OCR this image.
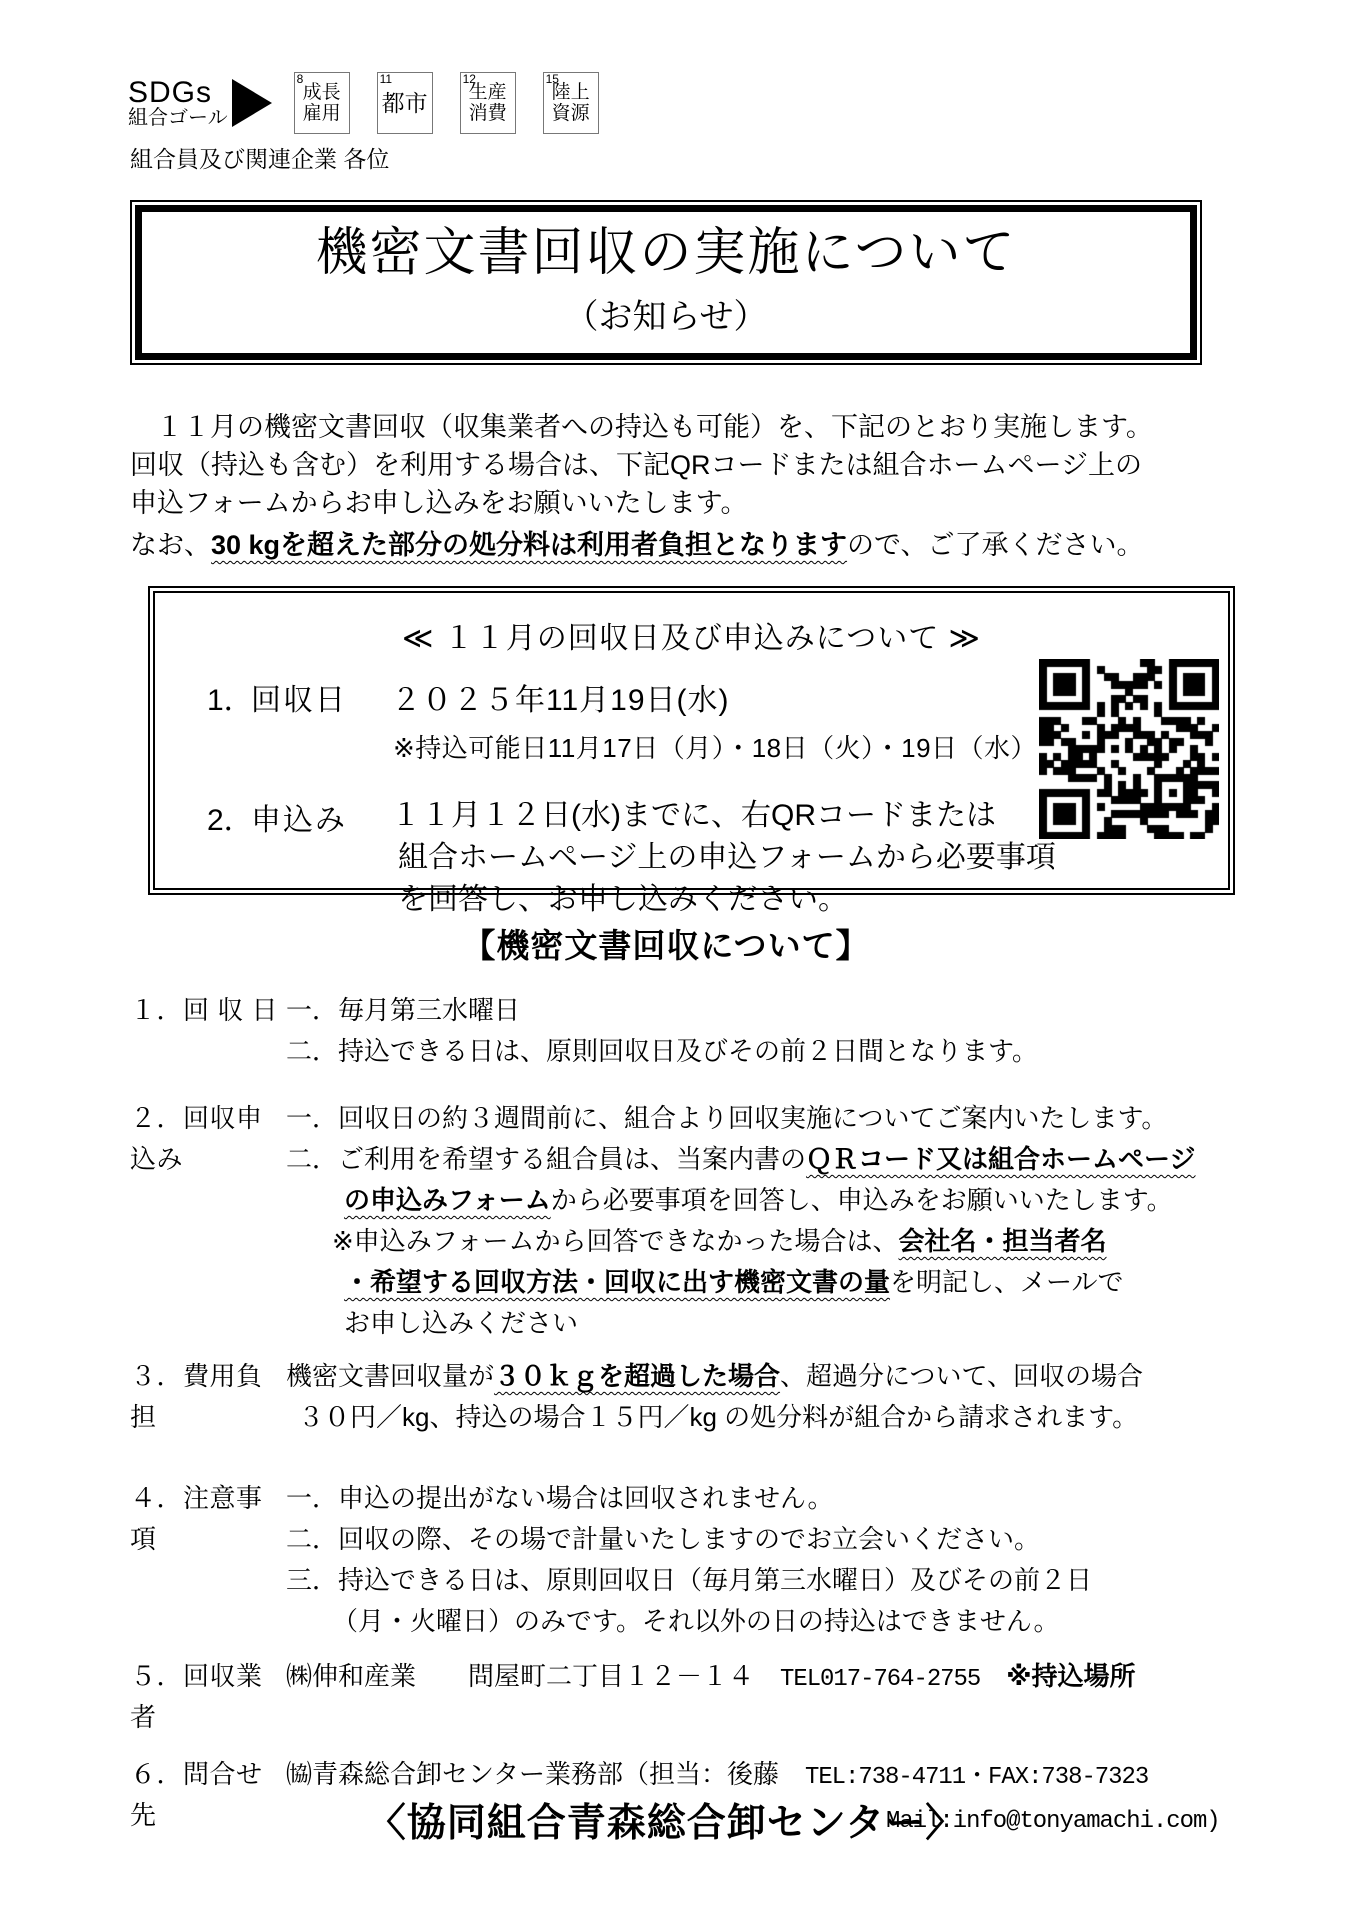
SDGs
組合ゴール
8
成長
雇用
11
都市
12
生産
消費
15
陸上
資源
組合員及び関連企業 各位
機密文書回収の実施について
（お知らせ）
１１月の機密文書回収（収集業者への持込も可能）を、下記のとおり実施します。
回収（持込も含む）を利用する場合は、下記QRコードまたは組合ホームページ上の
申込フォームからお申し込みをお願いいたします。
なお、30 kgを超えた部分の処分料は利用者負担となりますので、ご了承ください。
≪ １１月の回収日及び申込みについて ≫
1．
回収日	２０２５年11月19日(水)
※持込可能日11月17日（月）・18日（火）・19日（水）
2．
申込み	１１月１２日(水)までに、右QRコードまたは
組合ホームページ上の申込フォームから必要事項
を回答し、お申し込みください。
【機密文書回収について】
１．回 収 日 一．毎月第三水曜日
二．持込できる日は、原則回収日及びその前２日間となります。
２．回収申込み
一．回収日の約３週間前に、組合より回収実施についてご案内いたします。
二．ご利用を希望する組合員は、当案内書のＱＲコード又は組合ホームページ
の申込みフォームから必要事項を回答し、申込みをお願いいたします。
※申込みフォームから回答できなかった場合は、会社名・担当者名
・希望する回収方法・回収に出す機密文書の量を明記し、メールで
お申し込みください
３．費用負担
機密文書回収量が３０ｋｇを超過した場合、超過分について、回収の場合
３０円／kg、持込の場合１５円／kg の処分料が組合から請求されます。
４．注意事項
一．申込の提出がない場合は回収されません。
二．回収の際、その場で計量いたしますのでお立会いください。
三．持込できる日は、原則回収日（毎月第三水曜日）及びその前２日
（月・火曜日）のみです。それ以外の日の持込はできません。
５．回収業者
㈱伸和産業　　問屋町二丁目１２－１４　TEL017-764-2755　 ※持込場所
６．問合せ先
㈿青森総合卸センター業務部（担当：後藤　TEL:738-4711・FAX:738-7323
Mail:info@tonyamachi.com)
〈協同組合青森総合卸センター〉
